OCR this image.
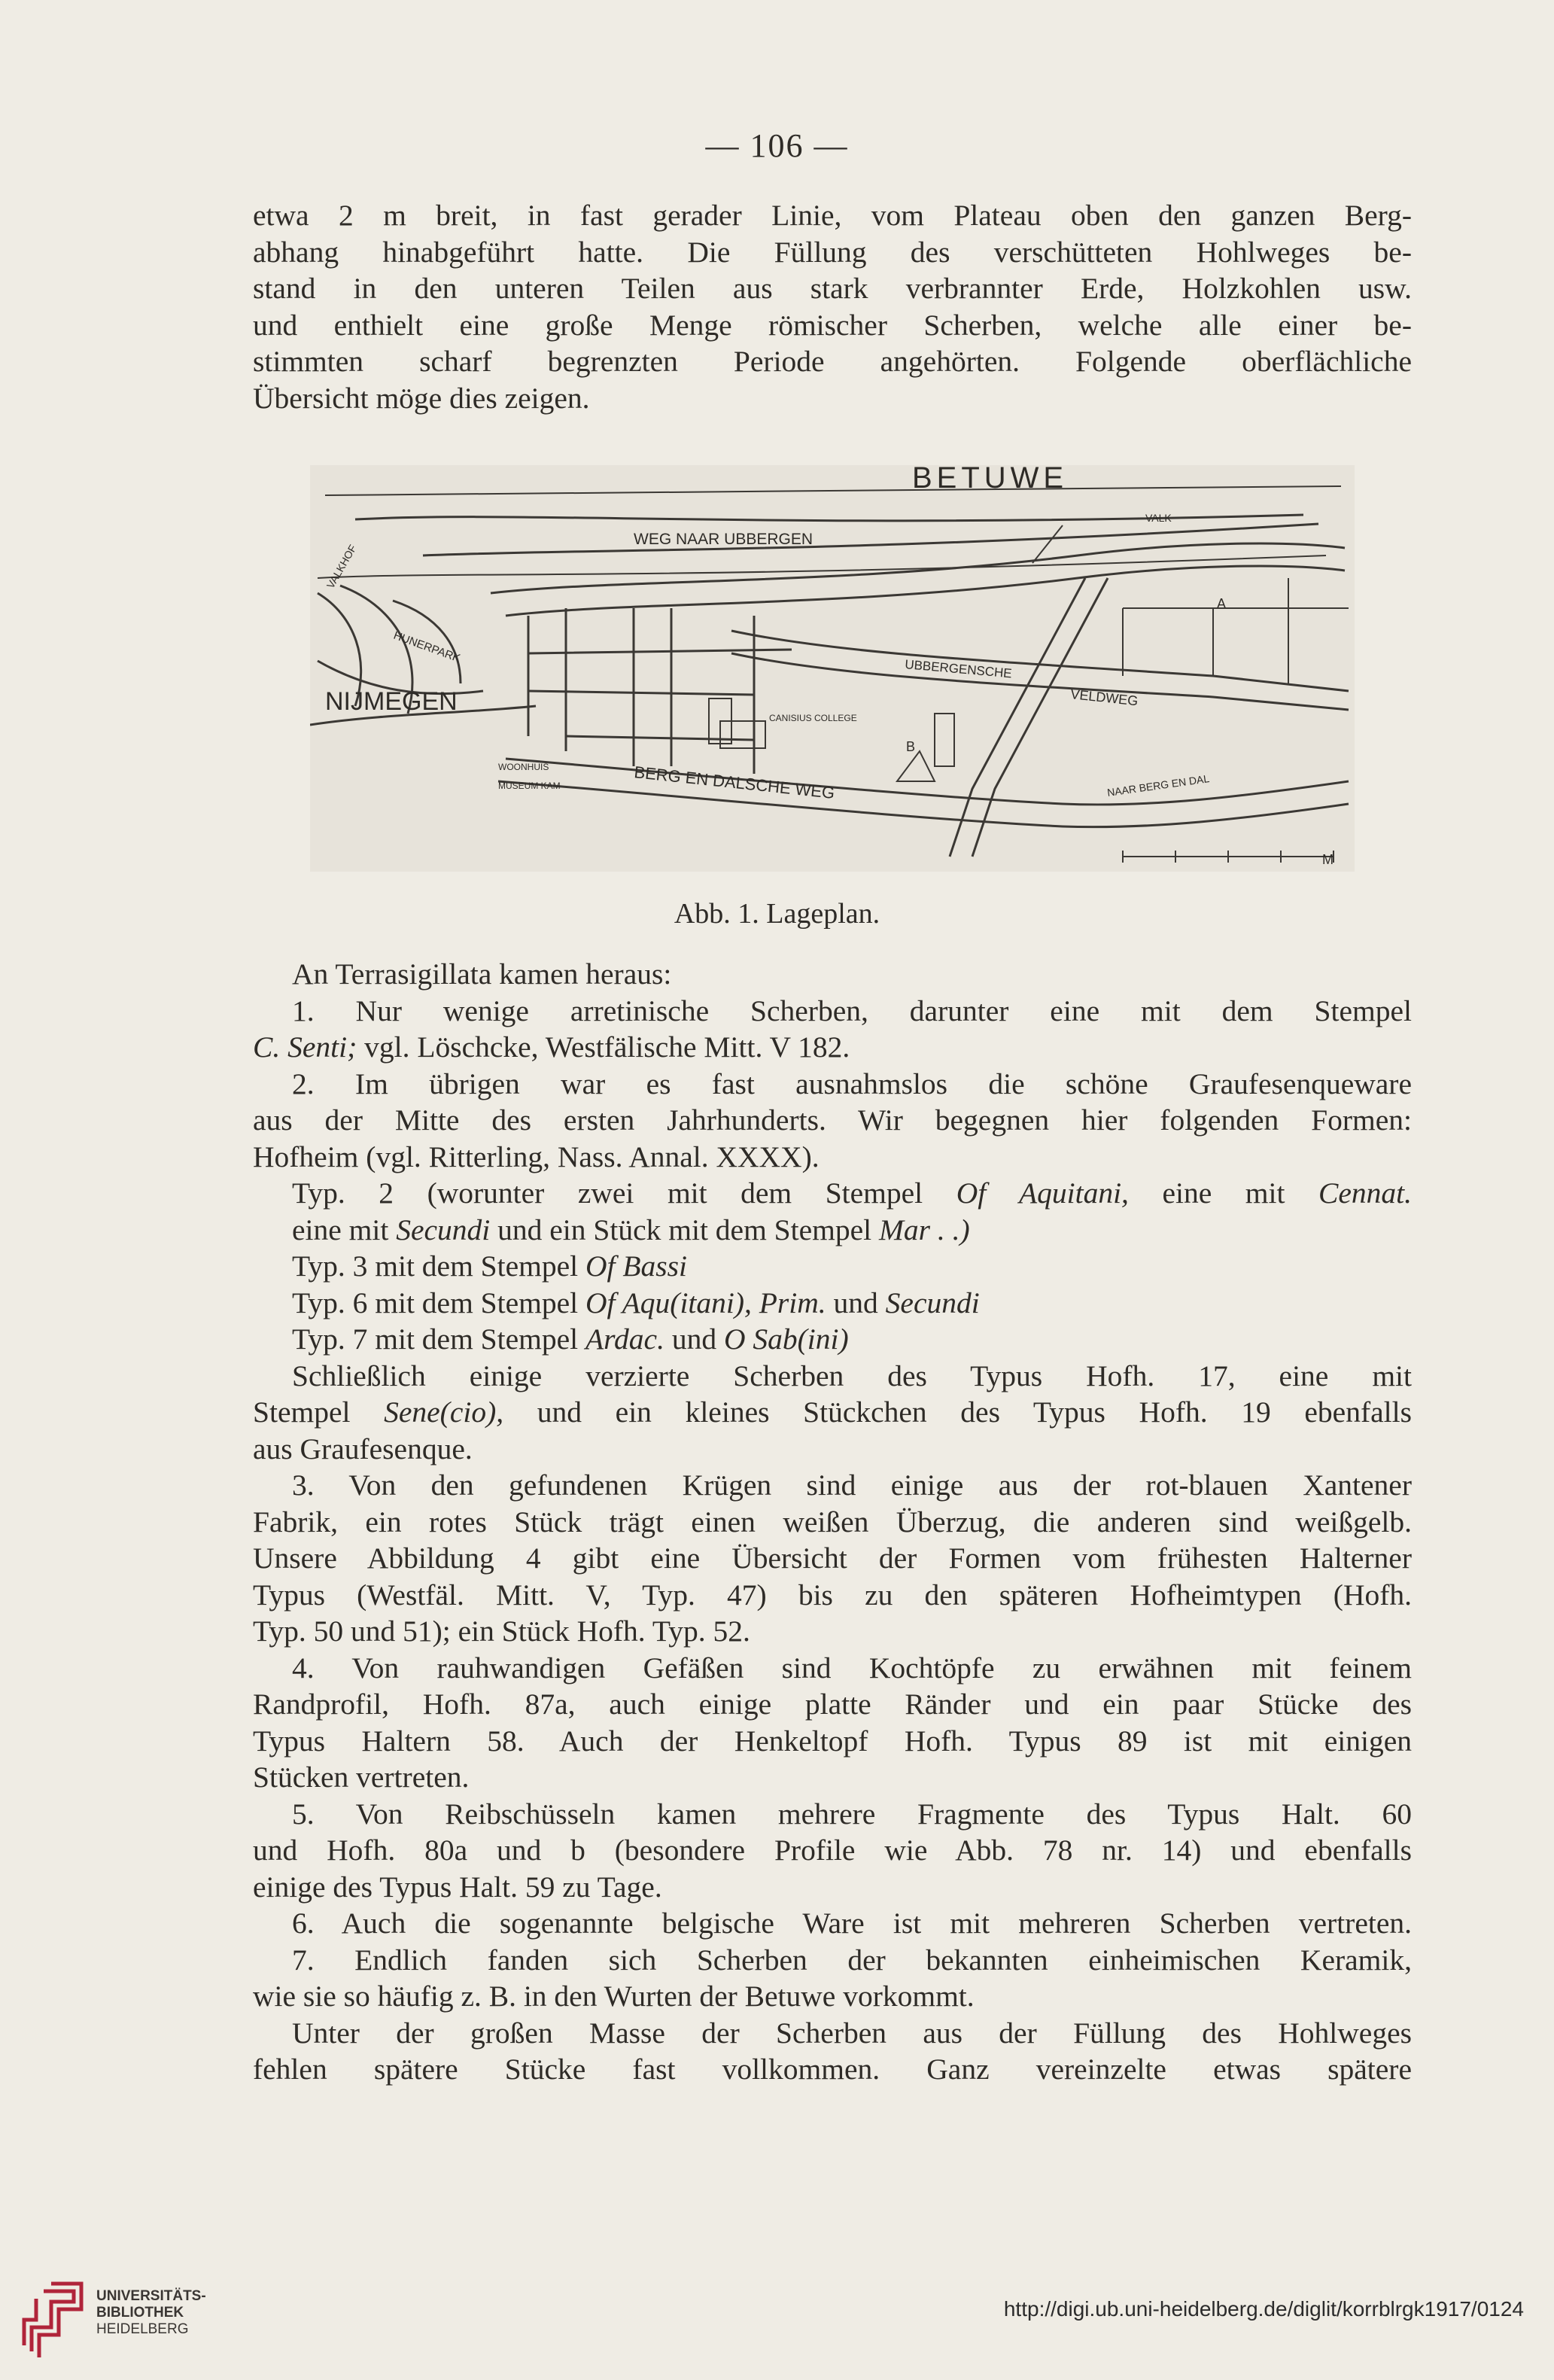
— 106 —

etwa 2 m breit, in fast gerader Linie, vom Plateau oben den ganzen Berg-

abhang hinabgeführt hatte. Die Füllung des verschütteten Hohlweges be-

stand in den unteren Teilen aus stark verbrannter Erde, Holzkohlen usw.

und enthielt eine große Menge römischer Scherben, welche alle einer be-

stimmten scharf begrenzten Periode angehörten. Folgende oberflächliche

Übersicht möge dies zeigen.

BETUWE
WEG NAAR UBBERGEN
NIJMEGEN
HUNERPARK
VALKHOF
UBBERGENSCHE
VELDWEG
BERG EN DALSCHE WEG	NAAR BERG EN DAL
CANISIUS COLLEGE
WOONHUIS
MUSEUM KAM
VALK
A
B
M
Abb. 1. Lageplan.

An Terrasigillata kamen heraus:

1. Nur wenige arretinische Scherben, darunter eine mit dem Stempel

C. Senti; vgl. Löschcke, Westfälische Mitt. V 182.

2. Im übrigen war es fast ausnahmslos die schöne Graufesenqueware

aus der Mitte des ersten Jahrhunderts. Wir begegnen hier folgenden Formen:

Hofheim (vgl. Ritterling, Nass. Annal. XXXX).

Typ. 2 (worunter zwei mit dem Stempel Of Aquitani, eine mit Cennat.

eine mit Secundi und ein Stück mit dem Stempel Mar . .)

Typ. 3 mit dem Stempel Of Bassi

Typ. 6 mit dem Stempel Of Aqu(itani), Prim. und Secundi

Typ. 7 mit dem Stempel Ardac. und O Sab(ini)

Schließlich einige verzierte Scherben des Typus Hofh. 17, eine mit

Stempel Sene(cio), und ein kleines Stückchen des Typus Hofh. 19 ebenfalls

aus Graufesenque.

3. Von den gefundenen Krügen sind einige aus der rot-blauen Xantener

Fabrik, ein rotes Stück trägt einen weißen Überzug, die anderen sind weißgelb.

Unsere Abbildung 4 gibt eine Übersicht der Formen vom frühesten Halterner

Typus (Westfäl. Mitt. V, Typ. 47) bis zu den späteren Hofheimtypen (Hofh.

Typ. 50 und 51); ein Stück Hofh. Typ. 52.

4. Von rauhwandigen Gefäßen sind Kochtöpfe zu erwähnen mit feinem

Randprofil, Hofh. 87a, auch einige platte Ränder und ein paar Stücke des

Typus Haltern 58. Auch der Henkeltopf Hofh. Typus 89 ist mit einigen

Stücken vertreten.

5. Von Reibschüsseln kamen mehrere Fragmente des Typus Halt. 60

und Hofh. 80a und b (besondere Profile wie Abb. 78 nr. 14) und ebenfalls

einige des Typus Halt. 59 zu Tage.

6. Auch die sogenannte belgische Ware ist mit mehreren Scherben vertreten.

7. Endlich fanden sich Scherben der bekannten einheimischen Keramik,

wie sie so häufig z. B. in den Wurten der Betuwe vorkommt.

Unter der großen Masse der Scherben aus der Füllung des Hohlweges

fehlen spätere Stücke fast vollkommen. Ganz vereinzelte etwas spätere

UNIVERSITÄTS-
BIBLIOTHEK
HEIDELBERG
http://digi.ub.uni-heidelberg.de/diglit/korrblrgk1917/0124
